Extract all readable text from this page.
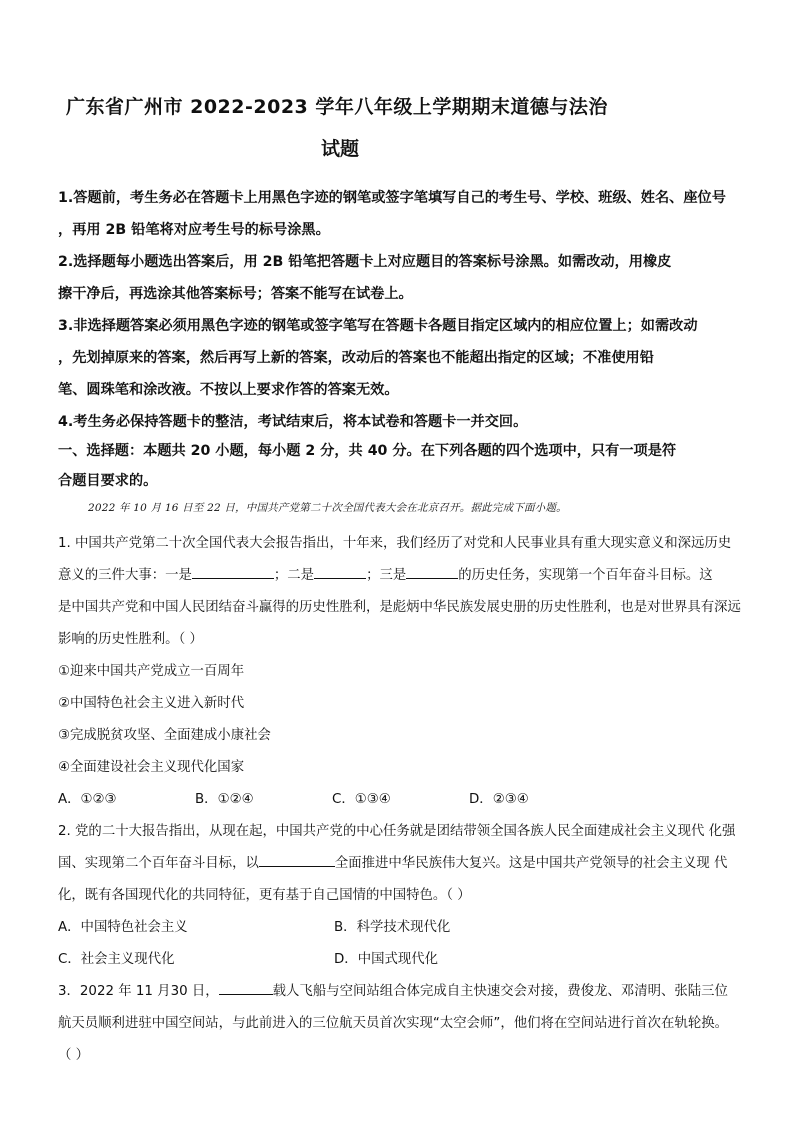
广东省广州市 2022-2023 学年八年级上学期期末道德与法治
试题

1.答题前，考生务必在答题卡上用黑色字迹的钢笔或签字笔填写自己的考生号、学校、班级、姓名、座位号

，再用 2B 铅笔将对应考生号的标号涂黑。

2.选择题每小题选出答案后，用 2B 铅笔把答题卡上对应题目的答案标号涂黑。如需改动，用橡皮

擦干净后，再选涂其他答案标号；答案不能写在试卷上。

3.非选择题答案必须用黑色字迹的钢笔或签字笔写在答题卡各题目指定区域内的相应位置上；如需改动

，先划掉原来的答案，然后再写上新的答案，改动后的答案也不能超出指定的区域；不准使用铅

笔、圆珠笔和涂改液。不按以上要求作答的答案无效。

4.考生务必保持答题卡的整洁，考试结束后，将本试卷和答题卡一并交回。

一、选择题：本题共 20 小题，每小题 2 分，共 40 分。在下列各题的四个选项中，只有一项是符

合题目要求的。

2022 年 10 月 16 日至 22 日，中国共产党第二十次全国代表大会在北京召开。据此完成下面小题。

1. 中国共产党第二十次全国代表大会报告指出，十年来，我们经历了对党和人民事业具有重大现实意义和深远历史

意义的三件大事：一是	；二是	；三是	的历史任务，实现第一个百年奋斗目标。这

是中国共产党和中国人民团结奋斗赢得的历史性胜利，是彪炳中华民族发展史册的历史性胜利，也是对世界具有深远

影响的历史性胜利。（ ）

①迎来中国共产党成立一百周年

②中国特色社会主义进入新时代

③完成脱贫攻坚、全面建成小康社会

④全面建设社会主义现代化国家

A．①②③	B．①②④	C．①③④	D．②③④

2. 党的二十大报告指出，从现在起，中国共产党的中心任务就是团结带领全国各族人民全面建成社会主义现代 化强

国、实现第二个百年奋斗目标，以	全面推进中华民族伟大复兴。这是中国共产党领导的社会主义现 代

化，既有各国现代化的共同特征，更有基于自己国情的中国特色。（ ）

A．中国特色社会主义	B．科学技术现代化

C．社会主义现代化	D．中国式现代化

3．2022 年 11 月30 日，	载人飞船与空间站组合体完成自主快速交会对接，费俊龙、邓清明、张陆三位

航天员顺利进驻中国空间站，与此前进入的三位航天员首次实现“太空会师”，他们将在空间站进行首次在轨轮换。

（ ）
